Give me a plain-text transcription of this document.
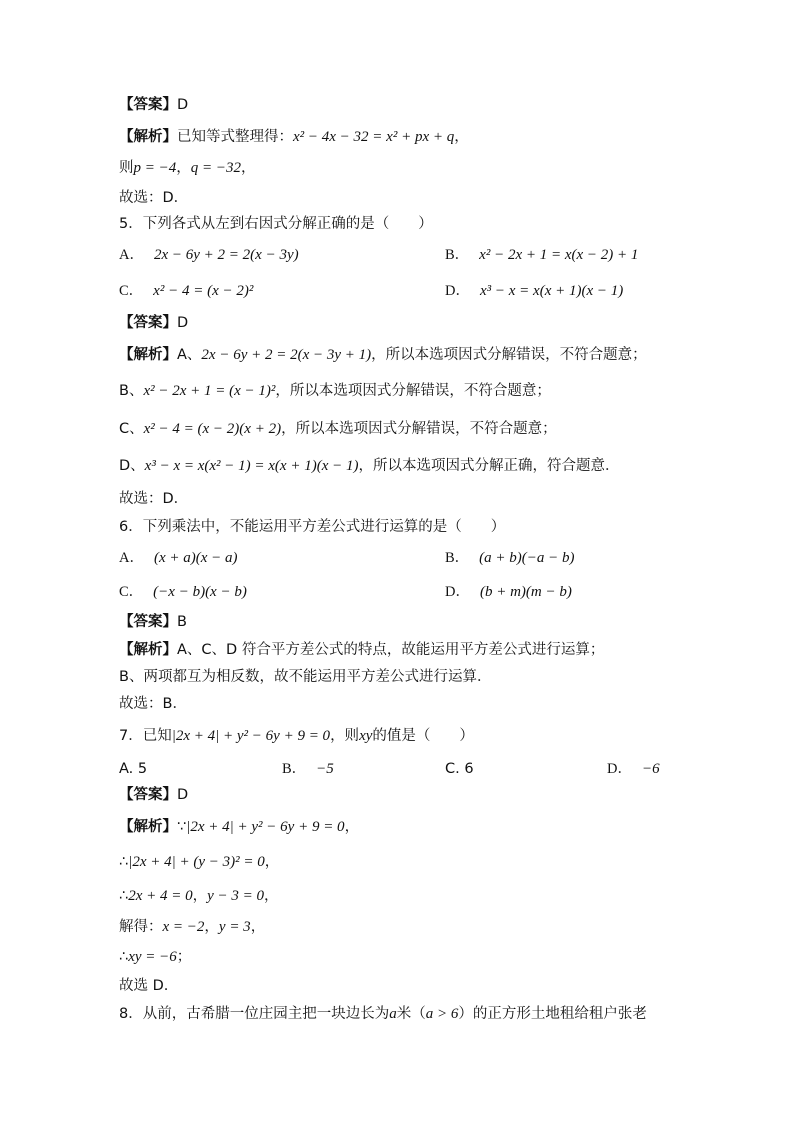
【答案】D
【解析】已知等式整理得：x² − 4x − 32 = x² + px + q，
则p = −4，q = −32，
故选：D．
5．下列各式从左到右因式分解正确的是（　　）
A． 2x − 6y + 2 = 2(x − 3y)	B． x² − 2x + 1 = x(x − 2) + 1
C． x² − 4 = (x − 2)²	D． x³ − x = x(x + 1)(x − 1)
【答案】D
【解析】A、2x − 6y + 2 = 2(x − 3y + 1)，所以本选项因式分解错误，不符合题意；
B、x² − 2x + 1 = (x − 1)²，所以本选项因式分解错误，不符合题意；
C、x² − 4 = (x − 2)(x + 2)，所以本选项因式分解错误，不符合题意；
D、x³ − x = x(x² − 1) = x(x + 1)(x − 1)，所以本选项因式分解正确，符合题意．
故选：D．
6．下列乘法中，不能运用平方差公式进行运算的是（　　）
A． (x + a)(x − a)	B． (a + b)(−a − b)
C． (−x − b)(x − b)	D． (b + m)(m − b)
【答案】B
【解析】A、C、D 符合平方差公式的特点，故能运用平方差公式进行运算；
B、两项都互为相反数，故不能运用平方差公式进行运算．
故选：B．
7．已知|2x + 4| + y² − 6y + 9 = 0，则xy的值是（　　）
A. 5	B． −5	C. 6	D． −6
【答案】D
【解析】∵|2x + 4| + y² − 6y + 9 = 0，
∴|2x + 4| + (y − 3)² = 0，
∴2x + 4 = 0，y − 3 = 0，
解得：x = −2，y = 3，
∴xy = −6；
故选 D.
8．从前，古希腊一位庄园主把一块边长为a米（a > 6）的正方形土地租给租户张老
